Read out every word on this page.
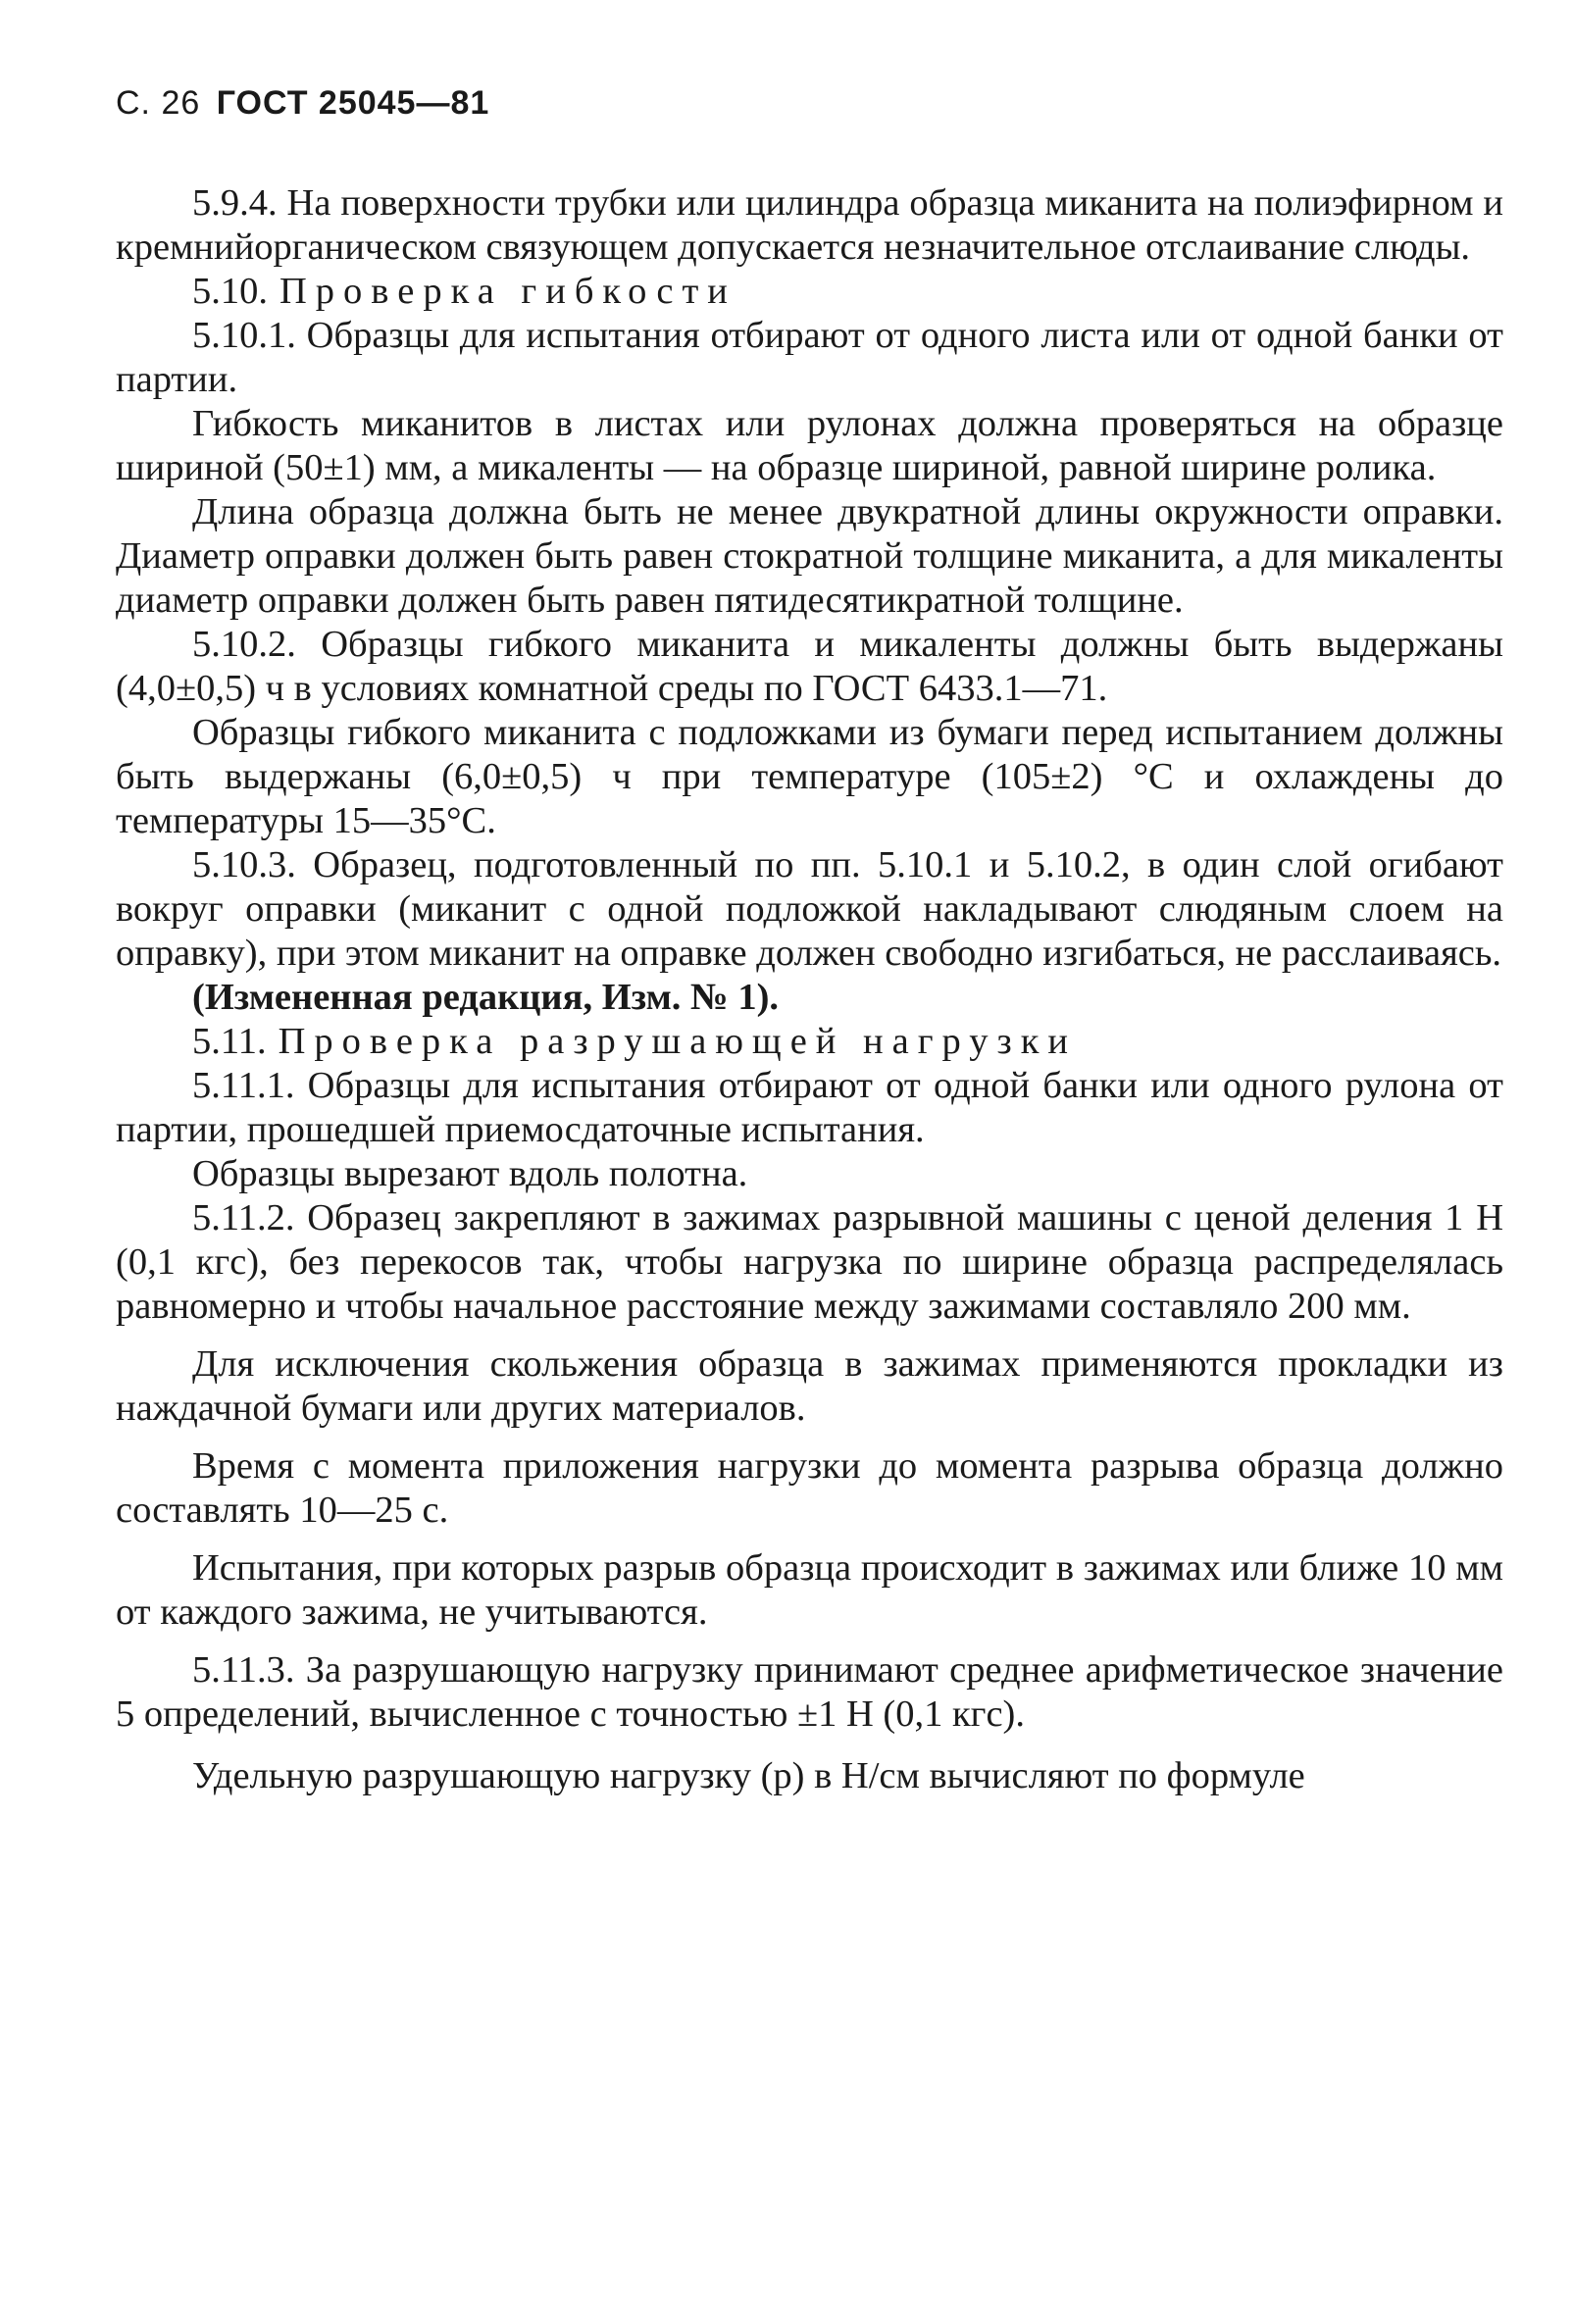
С. 26 ГОСТ 25045—81

5.9.4. На поверхности трубки или цилиндра образца миканита на полиэфирном и кремнийорганическом связующем допускается незначительное отслаивание слюды.

5.10. Проверка гибкости

5.10.1. Образцы для испытания отбирают от одного листа или от одной банки от партии.

Гибкость миканитов в листах или рулонах должна проверяться на образце шириной (50±1) мм, а микаленты — на образце шириной, равной ширине ролика.

Длина образца должна быть не менее двукратной длины окружности оправки. Диаметр оправки должен быть равен стократной толщине миканита, а для микаленты диаметр оправки должен быть равен пятидесятикратной толщине.

5.10.2. Образцы гибкого миканита и микаленты должны быть выдержаны (4,0±0,5) ч в условиях комнатной среды по ГОСТ 6433.1—71.

Образцы гибкого миканита с подложками из бумаги перед испытанием должны быть выдержаны (6,0±0,5) ч при температуре (105±2) °С и охлаждены до температуры 15—35°С.

5.10.3. Образец, подготовленный по пп. 5.10.1 и 5.10.2, в один слой огибают вокруг оправки (миканит с одной подложкой накладывают слюдяным слоем на оправку), при этом миканит на оправке должен свободно изгибаться, не расслаиваясь.

(Измененная редакция, Изм. № 1).

5.11. Проверка разрушающей нагрузки

5.11.1. Образцы для испытания отбирают от одной банки или одного рулона от партии, прошедшей приемосдаточные испытания.

Образцы вырезают вдоль полотна.

5.11.2. Образец закрепляют в зажимах разрывной машины с ценой деления 1 Н (0,1 кгс), без перекосов так, чтобы нагрузка по ширине образца распределялась равномерно и чтобы начальное расстояние между зажимами составляло 200 мм.

Для исключения скольжения образца в зажимах применяются прокладки из наждачной бумаги или других материалов.

Время с момента приложения нагрузки до момента разрыва образца должно составлять 10—25 с.

Испытания, при которых разрыв образца происходит в зажимах или ближе 10 мм от каждого зажима, не учитываются.

5.11.3. За разрушающую нагрузку принимают среднее арифметическое значение 5 определений, вычисленное с точностью ±1 Н (0,1 кгс).

Удельную разрушающую нагрузку (p) в Н/см вычисляют по формуле
